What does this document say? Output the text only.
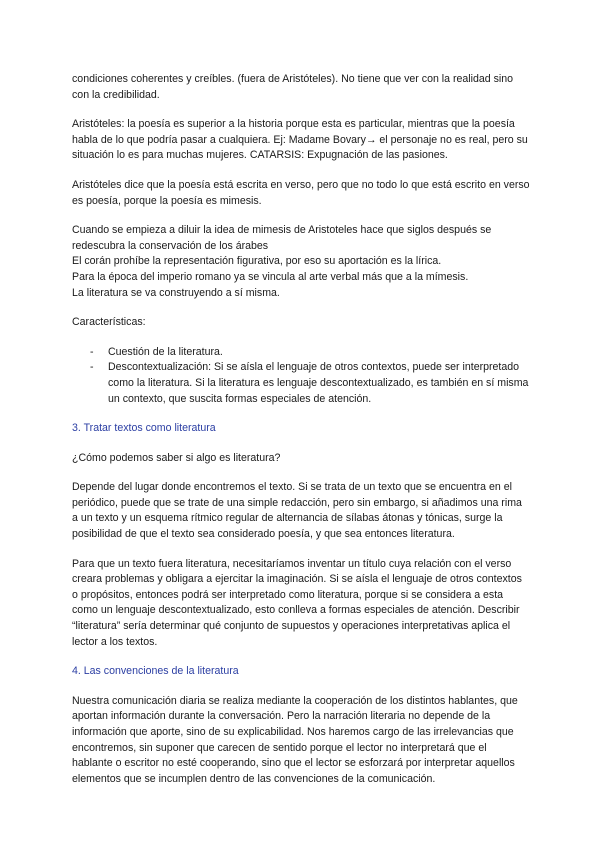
condiciones coherentes y creíbles. (fuera de Aristóteles). No tiene que ver con la realidad sino con la credibilidad.

Aristóteles: la poesía es superior a la historia porque esta es particular, mientras que la poesía habla de lo que podría pasar a cualquiera. Ej: Madame Bovary→ el personaje no es real, pero su situación lo es para muchas mujeres. CATARSIS: Expugnación de las pasiones.

Aristóteles dice que la poesía está escrita en verso, pero que no todo lo que está escrito en verso es poesía, porque la poesía es mimesis.

Cuando se empieza a diluir la idea de mimesis de Aristoteles hace que siglos después se redescubra la conservación de los árabes
El corán prohíbe la representación figurativa, por eso su aportación es la lírica.
Para la época del imperio romano ya se vincula al arte verbal más que a la mímesis.
La literatura se va construyendo a sí misma.

Características:

- Cuestión de la literatura.
- Descontextualización: Si se aísla el lenguaje de otros contextos, puede ser interpretado como la literatura. Si la literatura es lenguaje descontextualizado, es también en sí misma un contexto, que suscita formas especiales de atención.

3. Tratar textos como literatura

¿Cómo podemos saber si algo es literatura?

Depende del lugar donde encontremos el texto. Si se trata de un texto que se encuentra en el periódico, puede que se trate de una simple redacción, pero sin embargo, si añadimos una rima a un texto y un esquema rítmico regular de alternancia de sílabas átonas y tónicas, surge la posibilidad de que el texto sea considerado poesía, y que sea entonces literatura.

Para que un texto fuera literatura, necesitaríamos inventar un título cuya relación con el verso creara problemas y obligara a ejercitar la imaginación. Si se aísla el lenguaje de otros contextos o propósitos, entonces podrá ser interpretado como literatura, porque si se considera a esta como un lenguaje descontextualizado, esto conlleva a formas especiales de atención. Describir “literatura” sería determinar qué conjunto de supuestos y operaciones interpretativas aplica el lector a los textos.

4. Las convenciones de la literatura

Nuestra comunicación diaria se realiza mediante la cooperación de los distintos hablantes, que aportan información durante la conversación. Pero la narración literaria no depende de la información que aporte, sino de su explicabilidad. Nos haremos cargo de las irrelevancias que encontremos, sin suponer que carecen de sentido porque el lector no interpretará que el hablante o escritor no esté cooperando, sino que el lector se esforzará por interpretar aquellos elementos que se incumplen dentro de las convenciones de la comunicación.
